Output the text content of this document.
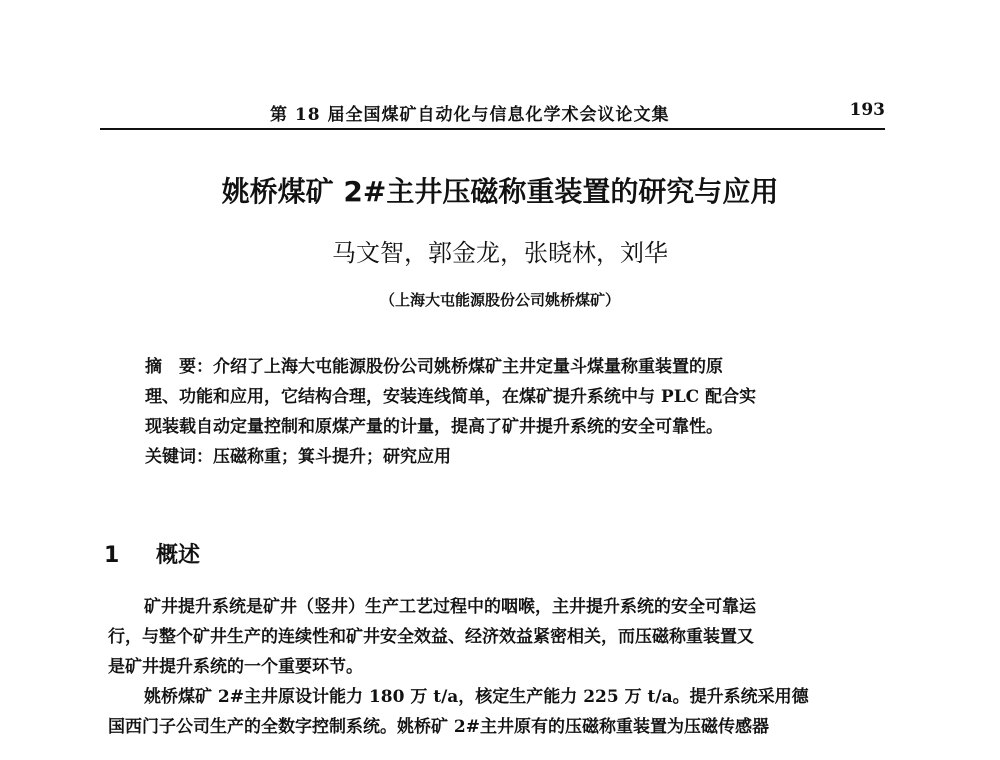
第 18 届全国煤矿自动化与信息化学术会议论文集	193
姚桥煤矿 2#主井压磁称重装置的研究与应用
马文智，郭金龙，张晓林，刘华
（上海大屯能源股份公司姚桥煤矿）
摘　要：介绍了上海大屯能源股份公司姚桥煤矿主井定量斗煤量称重装置的原
理、功能和应用，它结构合理，安装连线简单，在煤矿提升系统中与 PLC 配合实
现装载自动定量控制和原煤产量的计量，提高了矿井提升系统的安全可靠性。
关键词：压磁称重；箕斗提升；研究应用
1 概述
矿井提升系统是矿井（竖井）生产工艺过程中的咽喉，主井提升系统的安全可靠运
行，与整个矿井生产的连续性和矿井安全效益、经济效益紧密相关，而压磁称重装置又
是矿井提升系统的一个重要环节。
姚桥煤矿 2#主井原设计能力 180 万 t/a，核定生产能力 225 万 t/a。提升系统采用德
国西门子公司生产的全数字控制系统。姚桥矿 2#主井原有的压磁称重装置为压磁传感器
